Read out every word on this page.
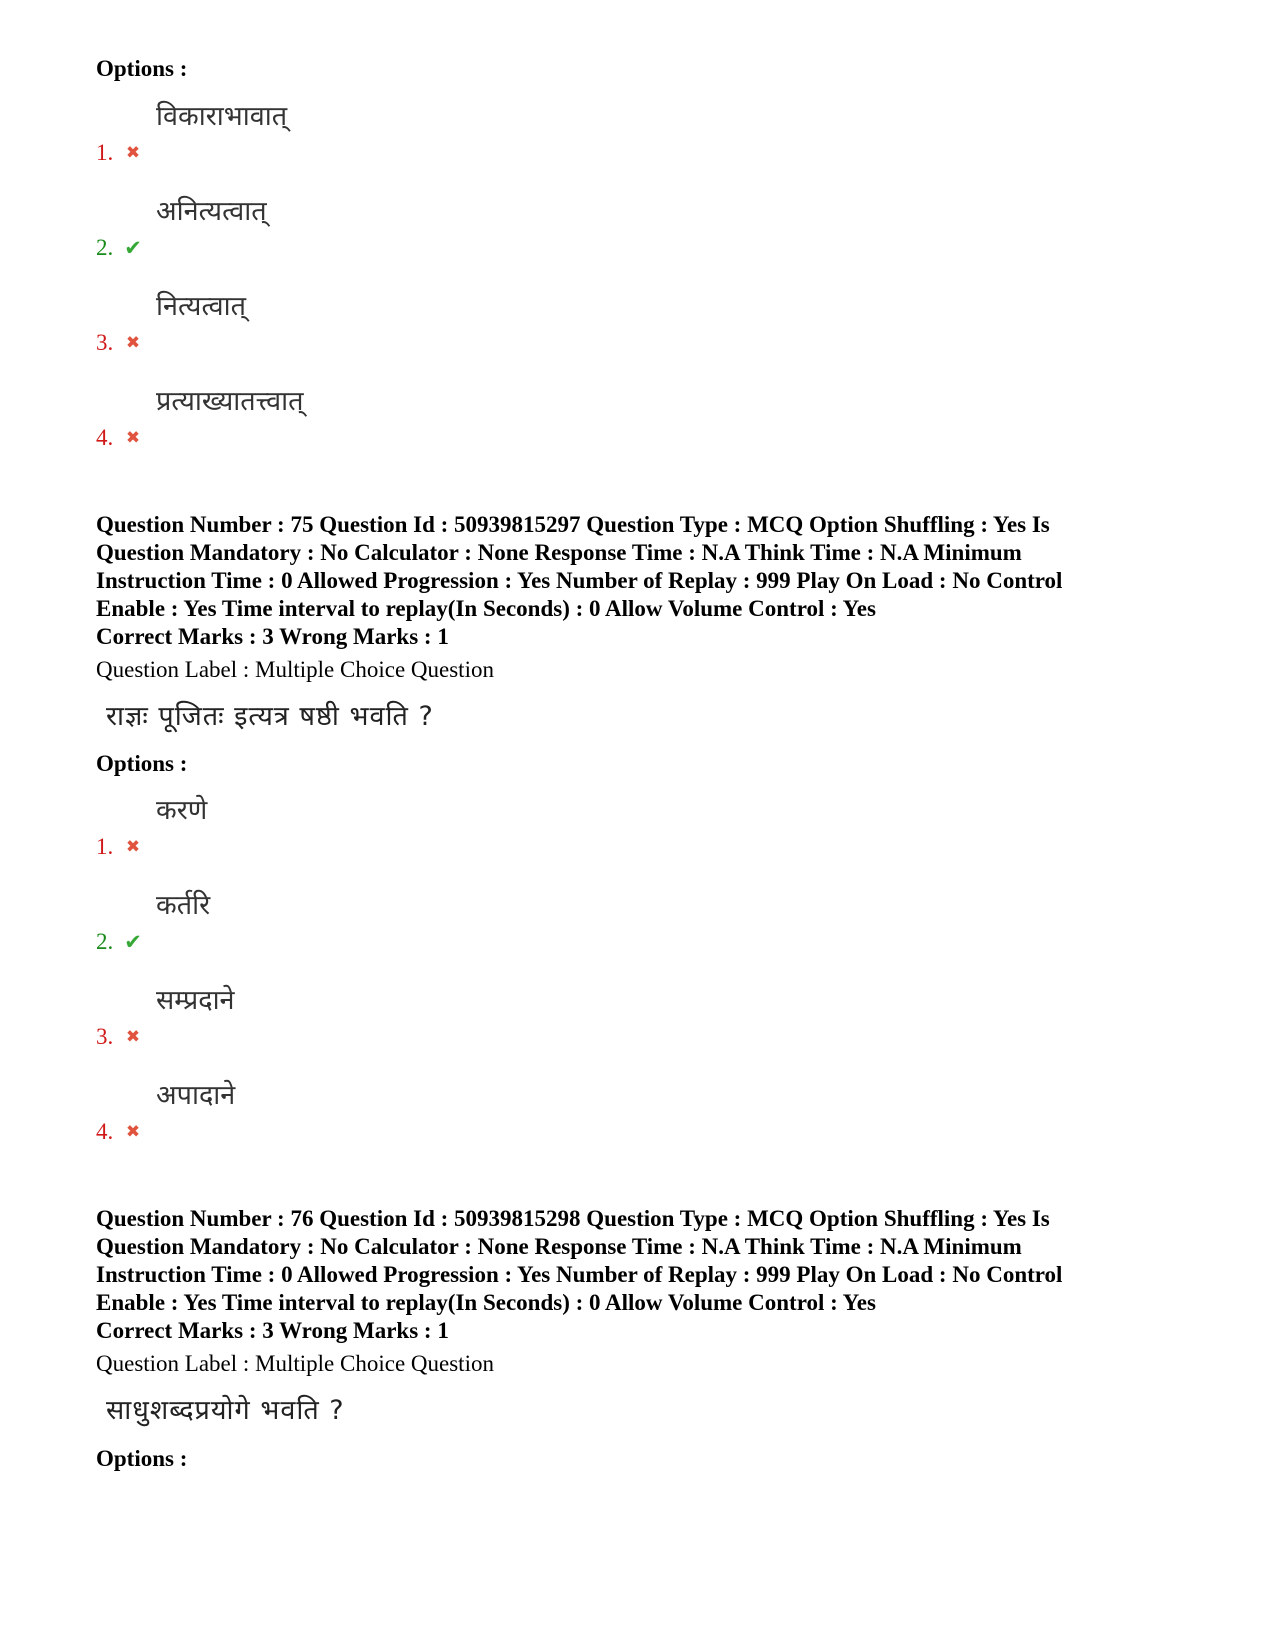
Options :
1. ✖
विकाराभावात्
2. ✔
अनित्यत्वात्
3. ✖
नित्यत्वात्
4. ✖
प्रत्याख्यातत्त्वात्
Question Number : 75 Question Id : 50939815297 Question Type : MCQ Option Shuffling : Yes Is
Question Mandatory : No Calculator : None Response Time : N.A Think Time : N.A Minimum
Instruction Time : 0 Allowed Progression : Yes Number of Replay : 999 Play On Load : No Control
Enable : Yes Time interval to replay(In Seconds) : 0 Allow Volume Control : Yes
Correct Marks : 3 Wrong Marks : 1
Question Label : Multiple Choice Question
राज्ञः पूजितः इत्यत्र षष्ठी भवति ?
Options :
1. ✖
करणे
2. ✔
कर्तरि
3. ✖
सम्प्रदाने
4. ✖
अपादाने
Question Number : 76 Question Id : 50939815298 Question Type : MCQ Option Shuffling : Yes Is
Question Mandatory : No Calculator : None Response Time : N.A Think Time : N.A Minimum
Instruction Time : 0 Allowed Progression : Yes Number of Replay : 999 Play On Load : No Control
Enable : Yes Time interval to replay(In Seconds) : 0 Allow Volume Control : Yes
Correct Marks : 3 Wrong Marks : 1
Question Label : Multiple Choice Question
साधुशब्दप्रयोगे भवति ?
Options :
